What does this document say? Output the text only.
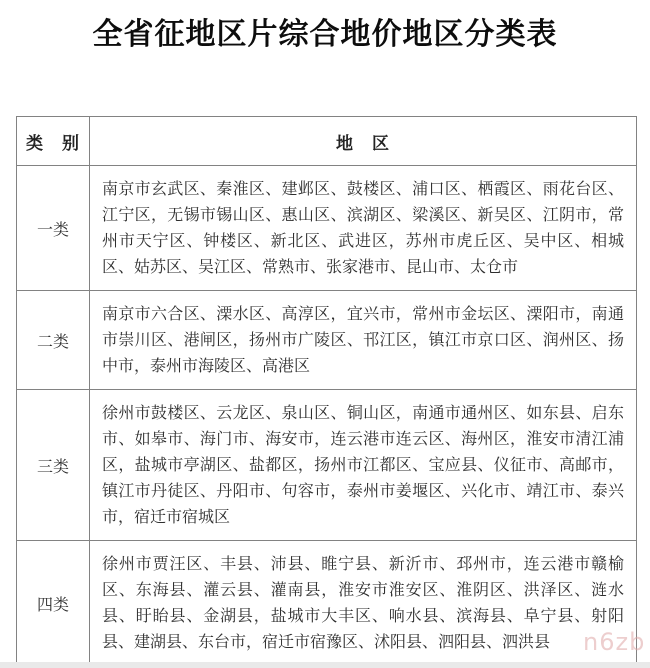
全省征地区片综合地价地区分类表
类　别	地　区
一类	南京市玄武区、秦淮区、建邺区、鼓楼区、浦口区、栖霞区、雨花台区、江宁区，无锡市锡山区、惠山区、滨湖区、梁溪区、新吴区、江阴市，常州市天宁区、钟楼区、新北区、武进区，苏州市虎丘区、吴中区、相城区、姑苏区、吴江区、常熟市、张家港市、昆山市、太仓市
二类	南京市六合区、溧水区、高淳区，宜兴市，常州市金坛区、溧阳市，南通市崇川区、港闸区，扬州市广陵区、邗江区，镇江市京口区、润州区、扬中市，泰州市海陵区、高港区
三类	徐州市鼓楼区、云龙区、泉山区、铜山区，南通市通州区、如东县、启东市、如皋市、海门市、海安市，连云港市连云区、海州区，淮安市清江浦区，盐城市亭湖区、盐都区，扬州市江都区、宝应县、仪征市、高邮市，镇江市丹徒区、丹阳市、句容市，泰州市姜堰区、兴化市、靖江市、泰兴市，宿迁市宿城区
四类	徐州市贾汪区、丰县、沛县、睢宁县、新沂市、邳州市，连云港市赣榆区、东海县、灌云县、灌南县，淮安市淮安区、淮阴区、洪泽区、涟水县、盱眙县、金湖县，盐城市大丰区、响水县、滨海县、阜宁县、射阳县、建湖县、东台市，宿迁市宿豫区、沭阳县、泗阳县、泗洪县 n6zb
